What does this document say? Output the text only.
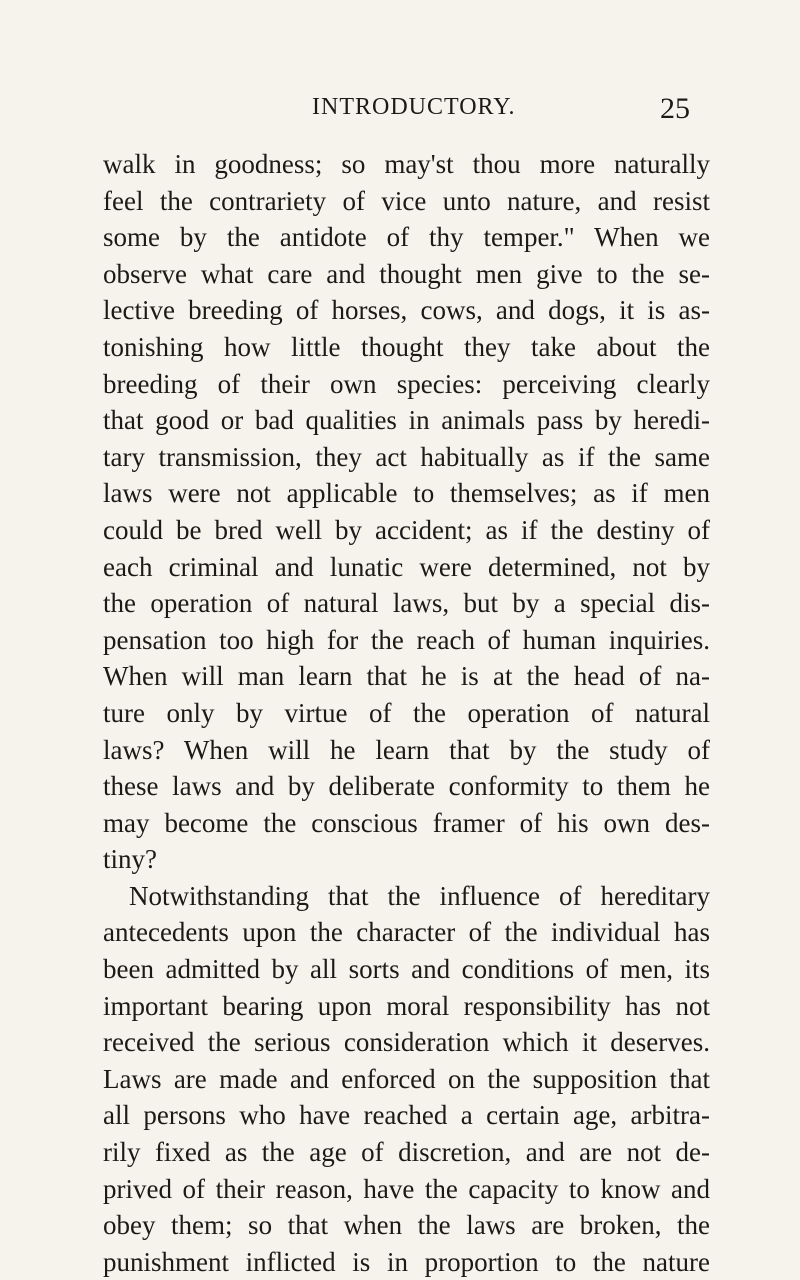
INTRODUCTORY.	25
walk in goodness; so may'st thou more naturally
feel the contrariety of vice unto nature, and resist
some by the antidote of thy temper." When we
observe what care and thought men give to the se-
lective breeding of horses, cows, and dogs, it is as-
tonishing how little thought they take about the
breeding of their own species: perceiving clearly
that good or bad qualities in animals pass by heredi-
tary transmission, they act habitually as if the same
laws were not applicable to themselves; as if men
could be bred well by accident; as if the destiny of
each criminal and lunatic were determined, not by
the operation of natural laws, but by a special dis-
pensation too high for the reach of human inquiries.
When will man learn that he is at the head of na-
ture only by virtue of the operation of natural
laws? When will he learn that by the study of
these laws and by deliberate conformity to them he
may become the conscious framer of his own des-
tiny?
Notwithstanding that the influence of hereditary
antecedents upon the character of the individual has
been admitted by all sorts and conditions of men, its
important bearing upon moral responsibility has not
received the serious consideration which it deserves.
Laws are made and enforced on the supposition that
all persons who have reached a certain age, arbitra-
rily fixed as the age of discretion, and are not de-
prived of their reason, have the capacity to know and
obey them; so that when the laws are broken, the
punishment inflicted is in proportion to the nature
